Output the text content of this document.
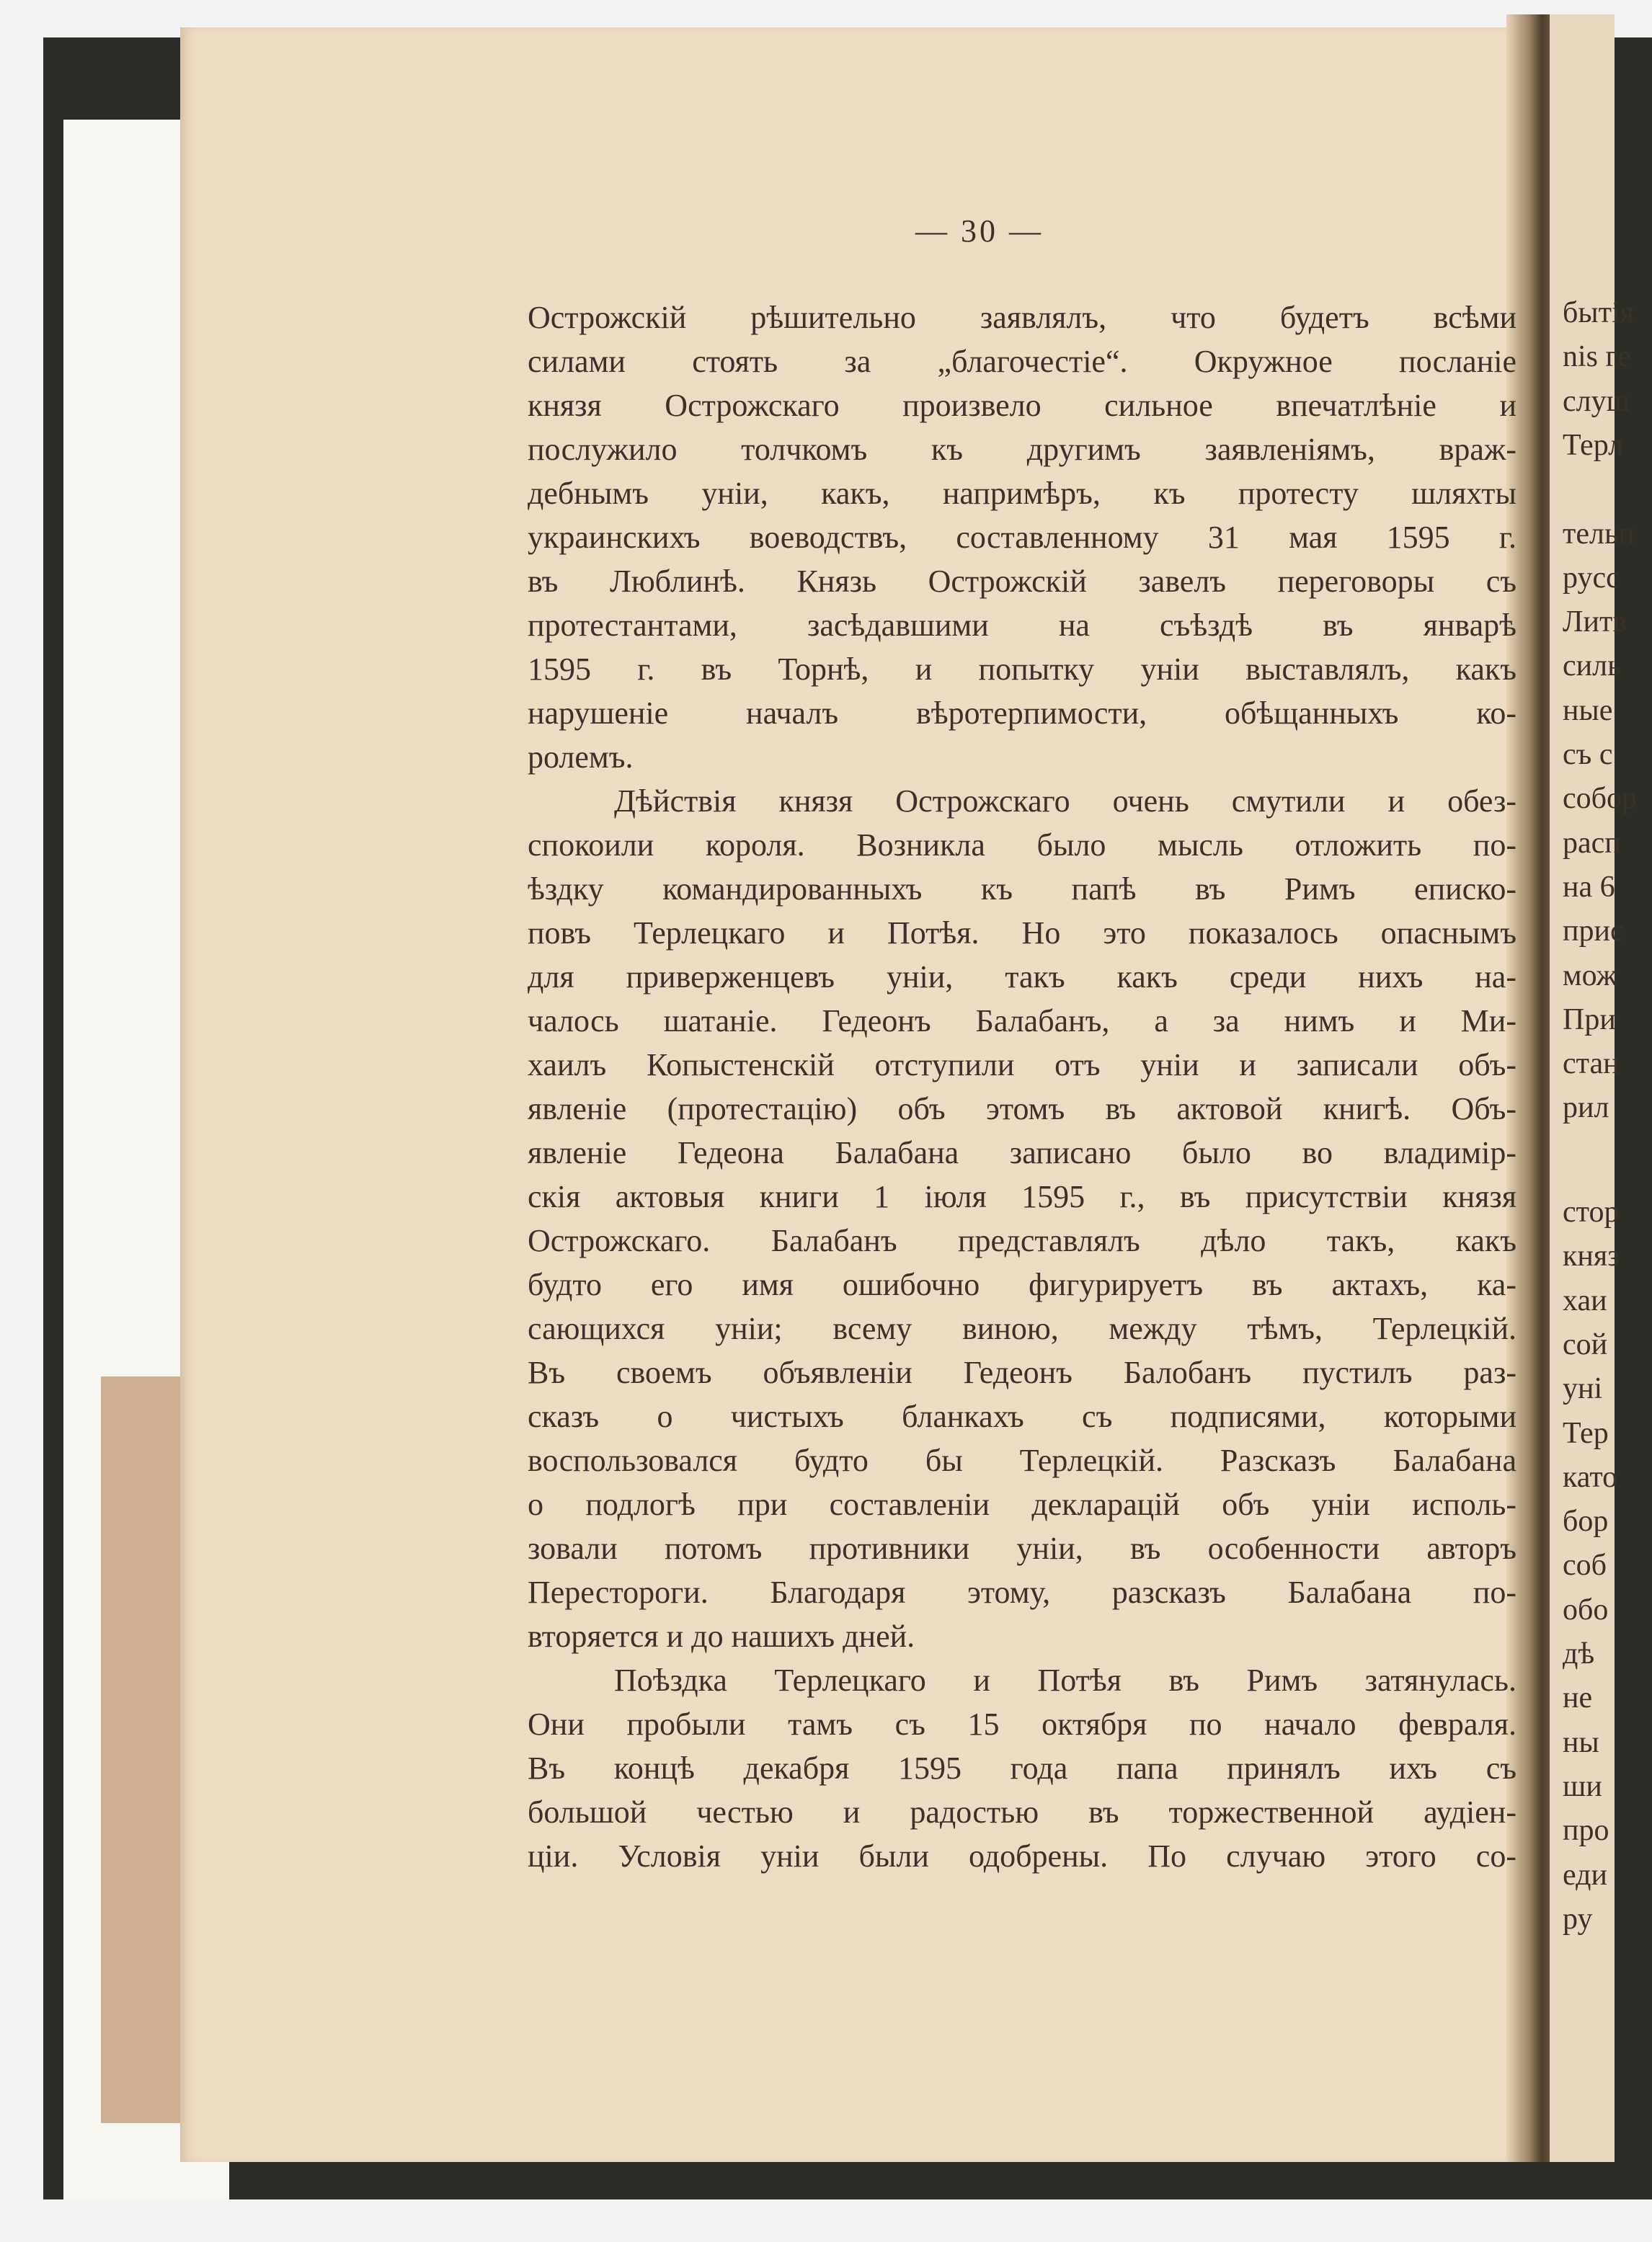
— 30 —
Острожскій рѣшительно заявлялъ, что будетъ всѣми
силами стоять за „благочестіе“. Окружное посланіе
князя Острожскаго произвело сильное впечатлѣніе и
послужило толчкомъ къ другимъ заявленіямъ, враж-
дебнымъ уніи, какъ, напримѣръ, къ протесту шляхты
украинскихъ воеводствъ, составленному 31 мая 1595 г.
въ Люблинѣ. Князь Острожскій завелъ переговоры съ
протестантами, засѣдавшими на съѣздѣ въ январѣ
1595 г. въ Торнѣ, и попытку уніи выставлялъ, какъ
нарушеніе началъ вѣротерпимости, обѣщанныхъ ко-
ролемъ.
Дѣйствія князя Острожскаго очень смутили и обез-
спокоили короля. Возникла было мысль отложить по-
ѣздку командированныхъ къ папѣ въ Римъ еписко-
повъ Терлецкаго и Потѣя. Но это показалось опаснымъ
для приверженцевъ уніи, такъ какъ среди нихъ на-
чалось шатаніе. Гедеонъ Балабанъ, а за нимъ и Ми-
хаилъ Копыстенскій отступили отъ уніи и записали объ-
явленіе (протестацію) объ этомъ въ актовой книгѣ. Объ-
явленіе Гедеона Балабана записано было во владимір-
скія актовыя книги 1 іюля 1595 г., въ присутствіи князя
Острожскаго. Балабанъ представлялъ дѣло такъ, какъ
будто его имя ошибочно фигурируетъ въ актахъ, ка-
сающихся уніи; всему виною, между тѣмъ, Терлецкій.
Въ своемъ объявленіи Гедеонъ Балобанъ пустилъ раз-
сказъ о чистыхъ бланкахъ съ подписями, которыми
воспользовался будто бы Терлецкій. Разсказъ Балабана
о подлогѣ при составленіи декларацій объ уніи исполь-
зовали потомъ противники уніи, въ особенности авторъ
Перестороги. Благодаря этому, разсказъ Балабана по-
вторяется и до нашихъ дней.
Поѣздка Терлецкаго и Потѣя въ Римъ затянулась.
Они пробыли тамъ съ 15 октября по начало февраля.
Въ концѣ декабря 1595 года папа принялъ ихъ съ
большой честью и радостью въ торжественной аудіен-
ціи. Условія уніи были одобрены. По случаю этого со-
бытія
nis ге
слуш
Терл
тельн
русс
Литв
силь
ные
съ с
собор
расп
на 6
прис
мож
При
стан
рил
стор
княз
хаи
сой
уні
Тер
като
бор
соб
обо
дѣ
не
ны
ши
про
еди
ру
